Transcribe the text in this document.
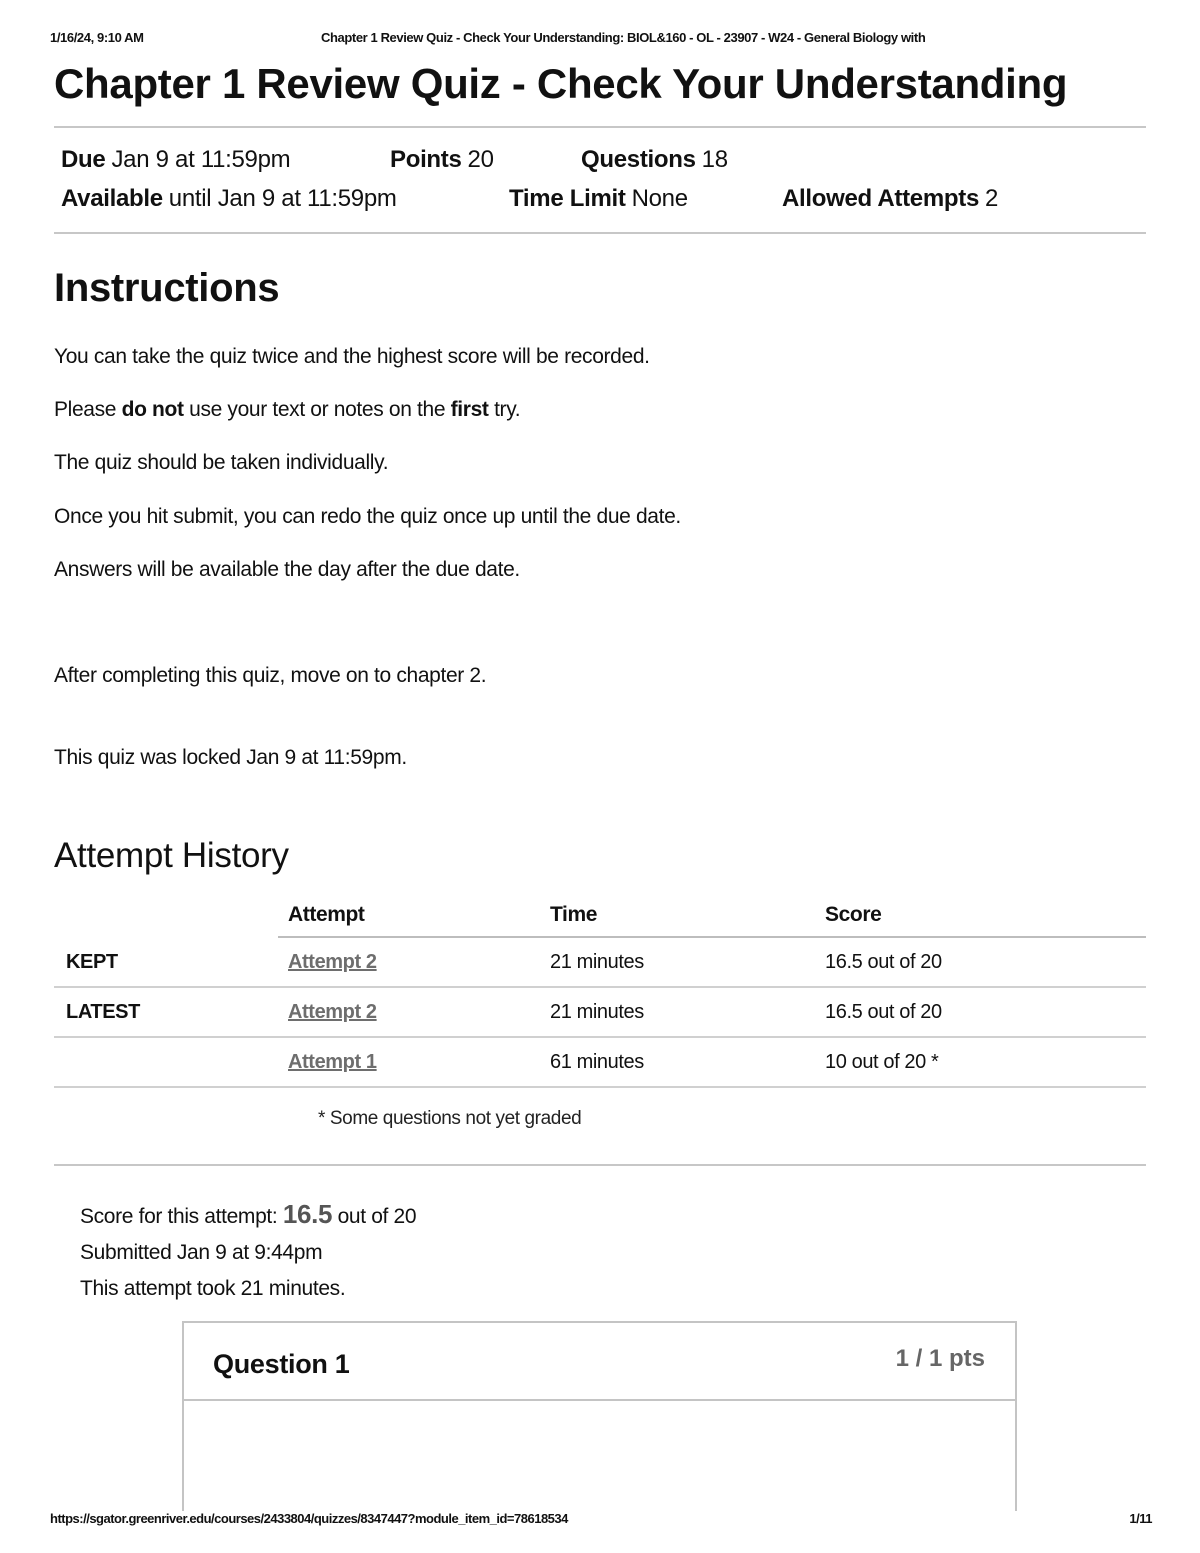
1/16/24, 9:10 AM	Chapter 1 Review Quiz - Check Your Understanding: BIOL&160 - OL - 23907 - W24 - General Biology with
Chapter 1 Review Quiz - Check Your Understanding
Due Jan 9 at 11:59pm	Points 20	Questions 18
Available until Jan 9 at 11:59pm	Time Limit None	Allowed Attempts 2
Instructions

You can take the quiz twice and the highest score will be recorded.

Please do not use your text or notes on the first try.

The quiz should be taken individually.

Once you hit submit, you can redo the quiz once up until the due date.

Answers will be available the day after the due date.

After completing this quiz, move on to chapter 2.

This quiz was locked Jan 9 at 11:59pm.

Attempt History
Attempt	Time	Score
KEPT	Attempt 2	21 minutes	16.5 out of 20
LATEST	Attempt 2	21 minutes	16.5 out of 20
Attempt 1	61 minutes	10 out of 20 *
* Some questions not yet graded
Score for this attempt: 16.5 out of 20
Submitted Jan 9 at 9:44pm
This attempt took 21 minutes.
Question 1	1 / 1 pts
https://sgator.greenriver.edu/courses/2433804/quizzes/8347447?module_item_id=78618534	1/11
